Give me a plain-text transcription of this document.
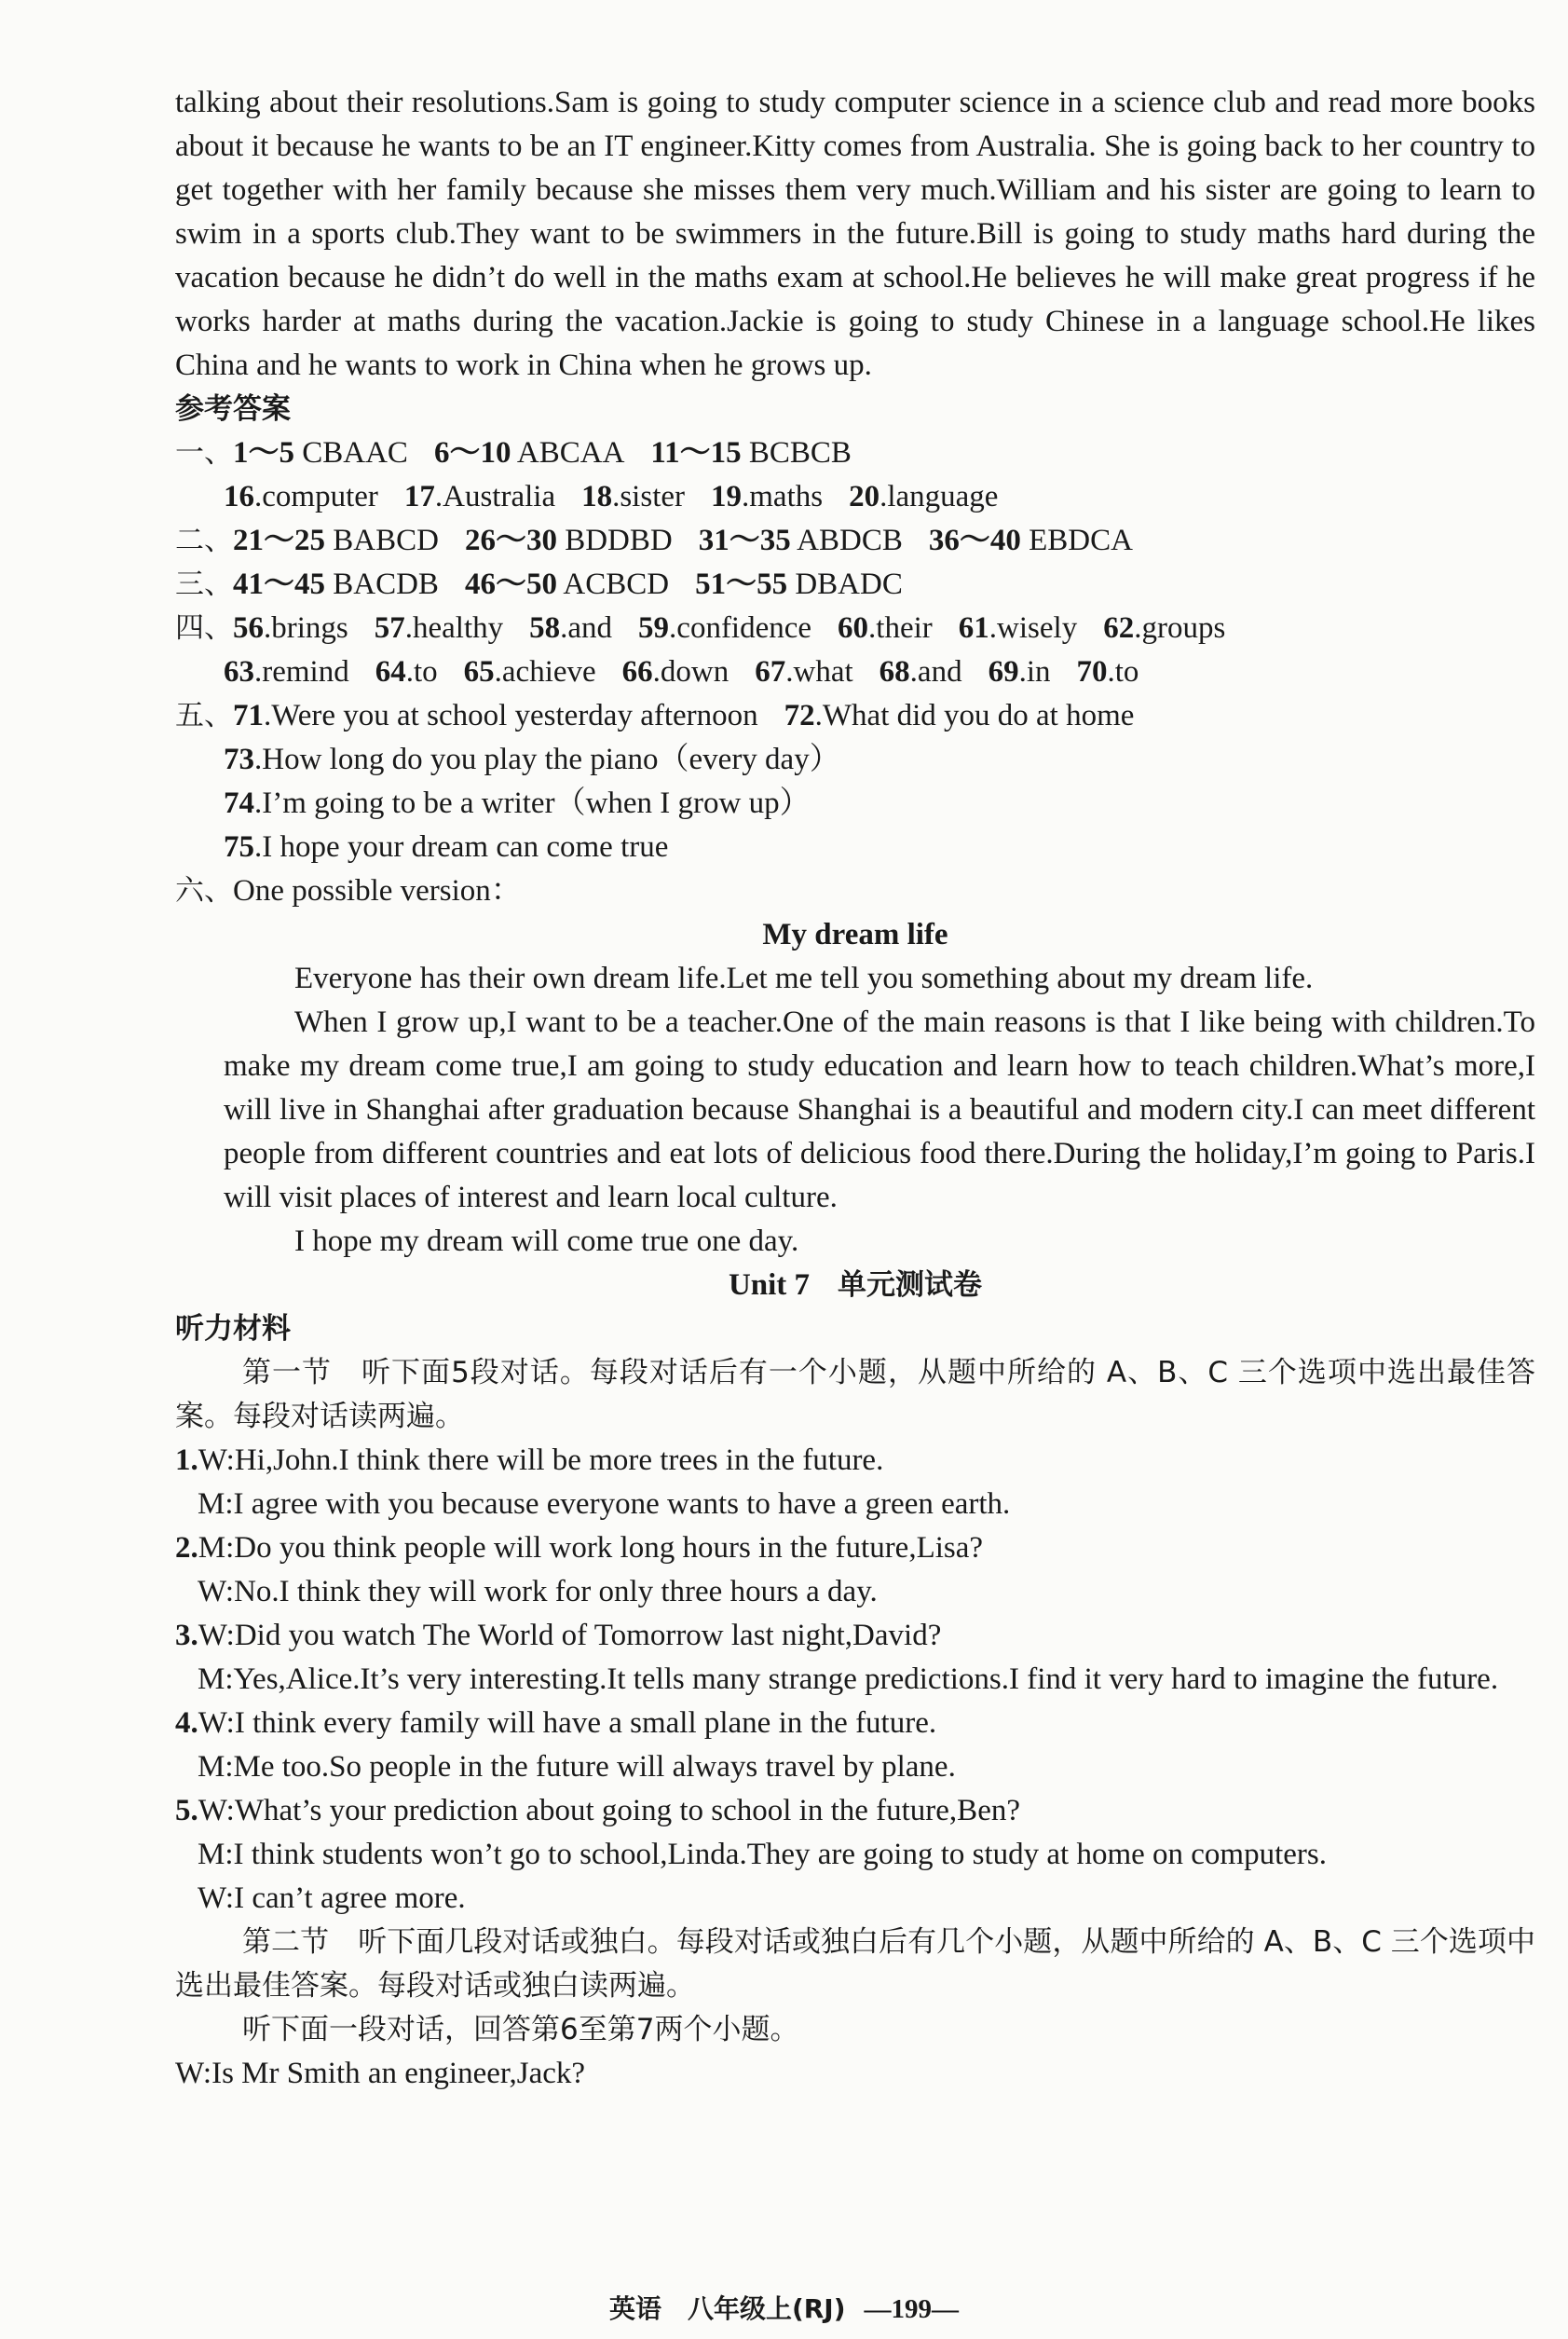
talking about their resolutions.Sam is going to study computer science in a science club and read more books about it because he wants to be an IT engineer.Kitty comes from Australia. She is going back to her country to get together with her family because she misses them very much.William and his sister are going to learn to swim in a sports club.They want to be swimmers in the future.Bill is going to study maths hard during the vacation because he didn’t do well in the maths exam at school.He believes he will make great progress if he works harder at maths during the vacation.Jackie is going to study Chinese in a language school.He likes China and he wants to work in China when he grows up.

参考答案

一、1～5 CBAAC 6～10 ABCAA 11～15 BCBCB

16.computer 17.Australia 18.sister 19.maths 20.language

二、21～25 BABCD 26～30 BDDBD 31～35 ABDCB 36～40 EBDCA

三、41～45 BACDB 46～50 ACBCD 51～55 DBADC

四、56.brings 57.healthy 58.and 59.confidence 60.their 61.wisely 62.groups

63.remind 64.to 65.achieve 66.down 67.what 68.and 69.in 70.to

五、71.Were you at school yesterday afternoon 72.What did you do at home

73.How long do you play the piano（every day）

74.I’m going to be a writer（when I grow up）

75.I hope your dream can come true

六、One possible version：

My dream life

Everyone has their own dream life.Let me tell you something about my dream life.

When I grow up,I want to be a teacher.One of the main reasons is that I like being with children.To make my dream come true,I am going to study education and learn how to teach children.What’s more,I will live in Shanghai after graduation because Shanghai is a beautiful and modern city.I can meet different people from different countries and eat lots of delicious food there.During the holiday,I’m going to Paris.I will visit places of interest and learn local culture.

I hope my dream will come true one day.

Unit 7 单元测试卷

听力材料

第一节　听下面5段对话。每段对话后有一个小题，从题中所给的 A、B、C 三个选项中选出最佳答案。每段对话读两遍。

1.W: Hi,John.I think there will be more trees in the future.

M: I agree with you because everyone wants to have a green earth.

2.M: Do you think people will work long hours in the future,Lisa?

W: No.I think they will work for only three hours a day.

3.W: Did you watch The World of Tomorrow last night,David?

M: Yes,Alice.It’s very interesting.It tells many strange predictions.I find it very hard to imagine the future.

4.W: I think every family will have a small plane in the future.

M: Me too.So people in the future will always travel by plane.

5.W: What’s your prediction about going to school in the future,Ben?

M: I think students won’t go to school,Linda.They are going to study at home on computers.

W: I can’t agree more.

第二节　听下面几段对话或独白。每段对话或独白后有几个小题，从题中所给的 A、B、C 三个选项中选出最佳答案。每段对话或独白读两遍。

听下面一段对话，回答第6至第7两个小题。

W: Is Mr Smith an engineer,Jack?

英语　八年级上(RJ) —199—
